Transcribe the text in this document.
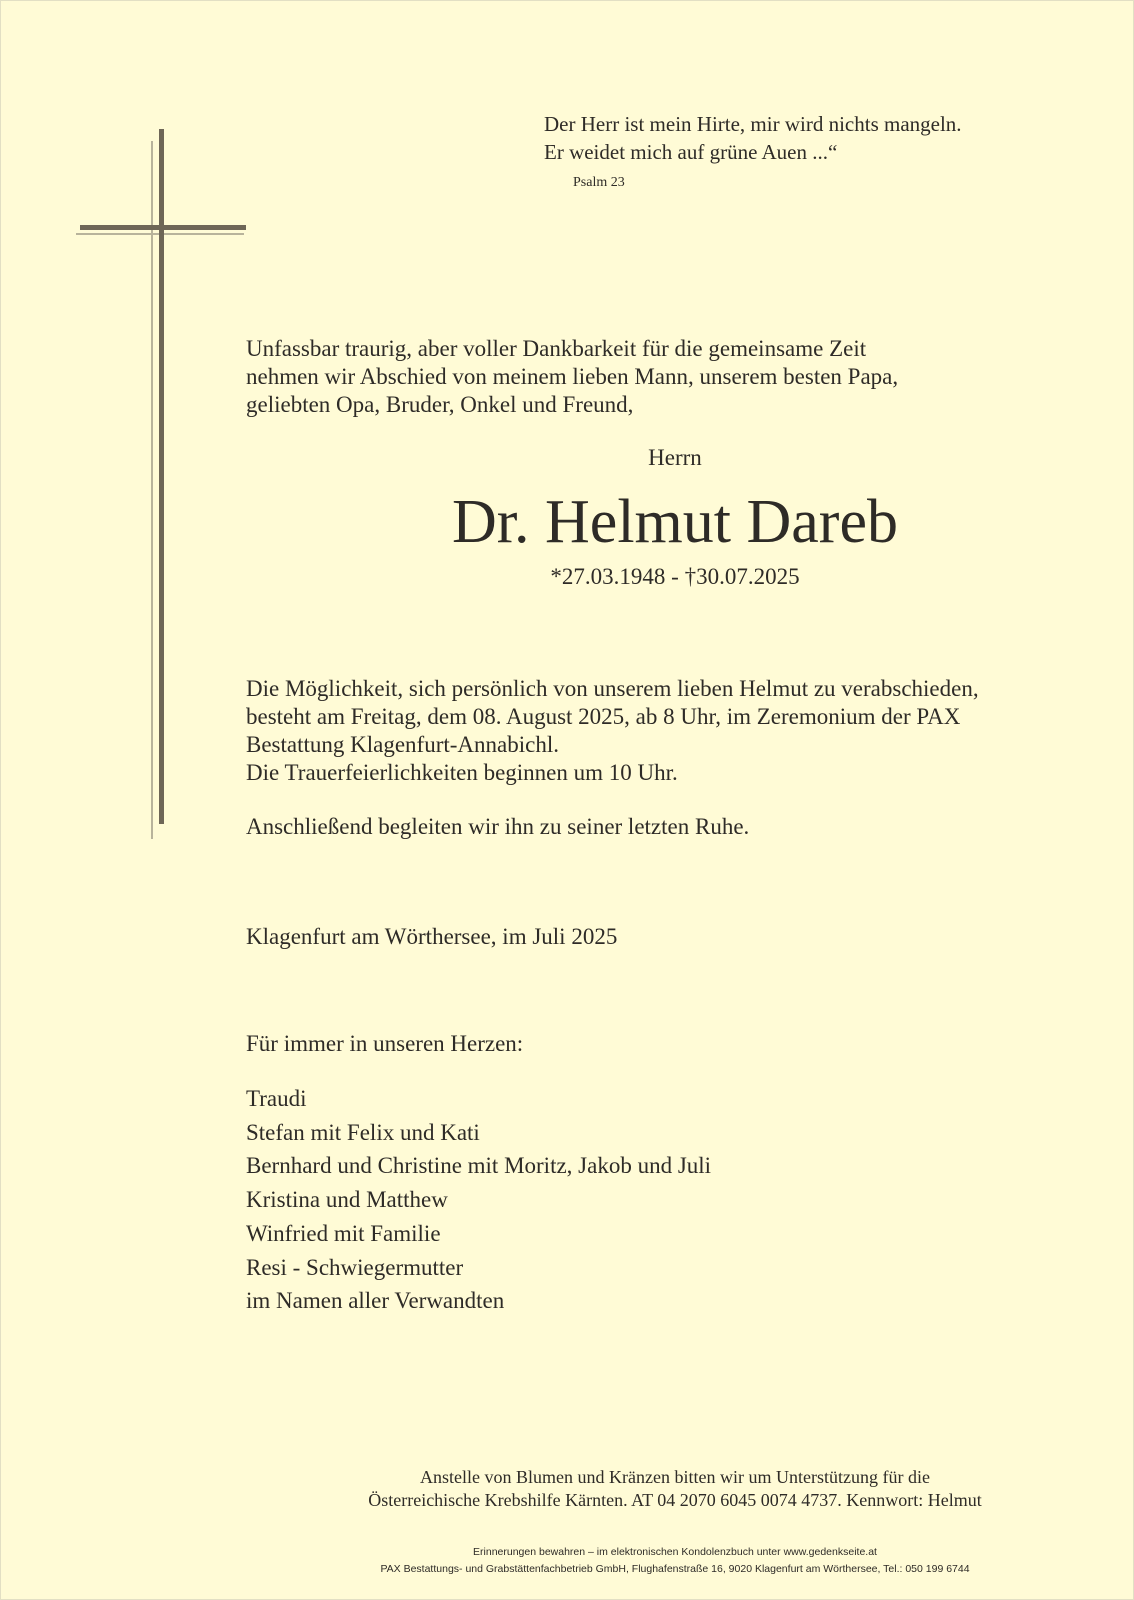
Der Herr ist mein Hirte, mir wird nichts mangeln.
Er weidet mich auf grüne Auen ...“
Psalm 23
Unfassbar traurig, aber voller Dankbarkeit für die gemeinsame Zeit
nehmen wir Abschied von meinem lieben Mann, unserem besten Papa,
geliebten Opa, Bruder, Onkel und Freund,
Herrn
Dr. Helmut Dareb
*27.03.1948 - †30.07.2025
Die Möglichkeit, sich persönlich von unserem lieben Helmut zu verabschieden,
besteht am Freitag, dem 08. August 2025, ab 8 Uhr, im Zeremonium der PAX
Bestattung Klagenfurt-Annabichl.
Die Trauerfeierlichkeiten beginnen um 10 Uhr.
Anschließend begleiten wir ihn zu seiner letzten Ruhe.
Klagenfurt am Wörthersee, im Juli 2025
Für immer in unseren Herzen:
Traudi
Stefan mit Felix und Kati
Bernhard und Christine mit Moritz, Jakob und Juli
Kristina und Matthew
Winfried mit Familie
Resi - Schwiegermutter
im Namen aller Verwandten
Anstelle von Blumen und Kränzen bitten wir um Unterstützung für die
Österreichische Krebshilfe Kärnten. AT 04 2070 6045 0074 4737. Kennwort: Helmut
Erinnerungen bewahren – im elektronischen Kondolenzbuch unter www.gedenkseite.at
PAX Bestattungs- und Grabstättenfachbetrieb GmbH, Flughafenstraße 16, 9020 Klagenfurt am Wörthersee, Tel.: 050 199 6744
